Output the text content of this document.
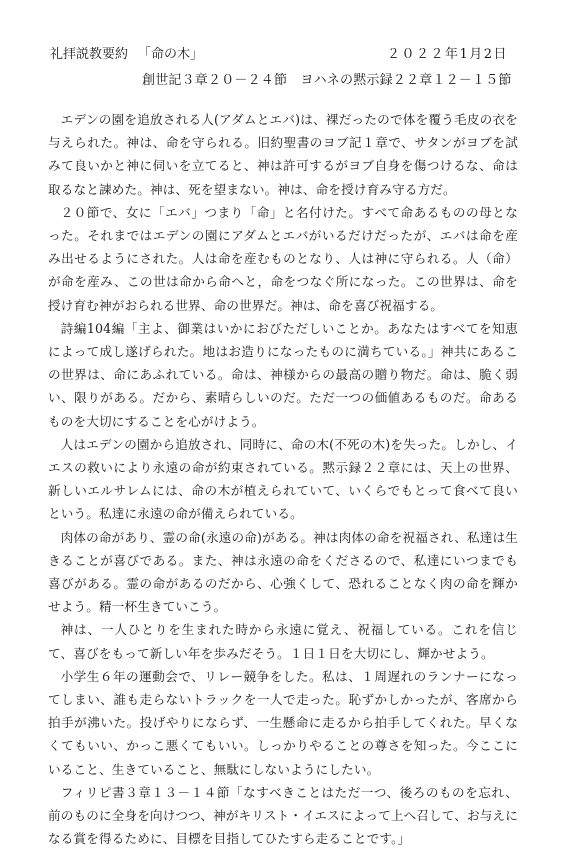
礼拝説教要約 「命の木」	２０２２年1月2日
創世記３章２０－２４節　ヨハネの黙示録２２章１２－１５節

エデンの園を追放される人(アダムとエバ)は、裸だったので体を覆う毛皮の衣を与えられた。神は、命を守られる。旧約聖書のヨブ記１章で、サタンがヨブを試みて良いかと神に伺いを立てると、神は許可するがヨブ自身を傷つけるな、命は取るなと諫めた。神は、死を望まない。神は、命を授け育み守る方だ。

２０節で、女に「エバ」つまり「命」と名付けた。すべて命あるものの母となった。それまではエデンの園にアダムとエバがいるだけだったが、エバは命を産み出せるようにされた。人は命を産むものとなり、人は神に守られる。人（命）が命を産み、この世は命から命へと，命をつなぐ所になった。この世界は、命を授け育む神がおられる世界、命の世界だ。神は、命を喜び祝福する。

詩編104編「主よ、御業はいかにおびただしいことか。あなたはすべてを知恵によって成し遂げられた。地はお造りになったものに満ちている。」神共にあるこの世界は、命にあふれている。命は、神様からの最高の贈り物だ。命は、脆く弱い、限りがある。だから、素晴らしいのだ。ただ一つの価値あるものだ。命あるものを大切にすることを心がけよう。

人はエデンの園から追放され、同時に、命の木(不死の木)を失った。しかし、イエスの救いにより永遠の命が約束されている。黙示録２２章には、天上の世界、新しいエルサレムには、命の木が植えられていて、いくらでもとって食べて良いという。私達に永遠の命が備えられている。

肉体の命があり、霊の命(永遠の命)がある。神は肉体の命を祝福され、私達は生きることが喜びである。また、神は永遠の命をくださるので、私達にいつまでも喜びがある。霊の命があるのだから、心強くして、恐れることなく肉の命を輝かせよう。精一杯生きていこう。

神は、一人ひとりを生まれた時から永遠に覚え、祝福している。これを信じて、喜びをもって新しい年を歩みだそう。１日１日を大切にし、輝かせよう。

小学生６年の運動会で、リレー競争をした。私は、１周遅れのランナーになってしまい、誰も走らないトラックを一人で走った。恥ずかしかったが、客席から拍手が沸いた。投げやりにならず、一生懸命に走るから拍手してくれた。早くなくてもいい、かっこ悪くてもいい。しっかりやることの尊さを知った。今ここにいること、生きていること、無駄にしないようにしたい。

フィリピ書３章１３－１４節「なすべきことはただ一つ、後ろのものを忘れ、前のものに全身を向けつつ、神がキリスト・イエスによって上へ召して、お与えになる賞を得るために、目標を目指してひたすら走ることです。」
